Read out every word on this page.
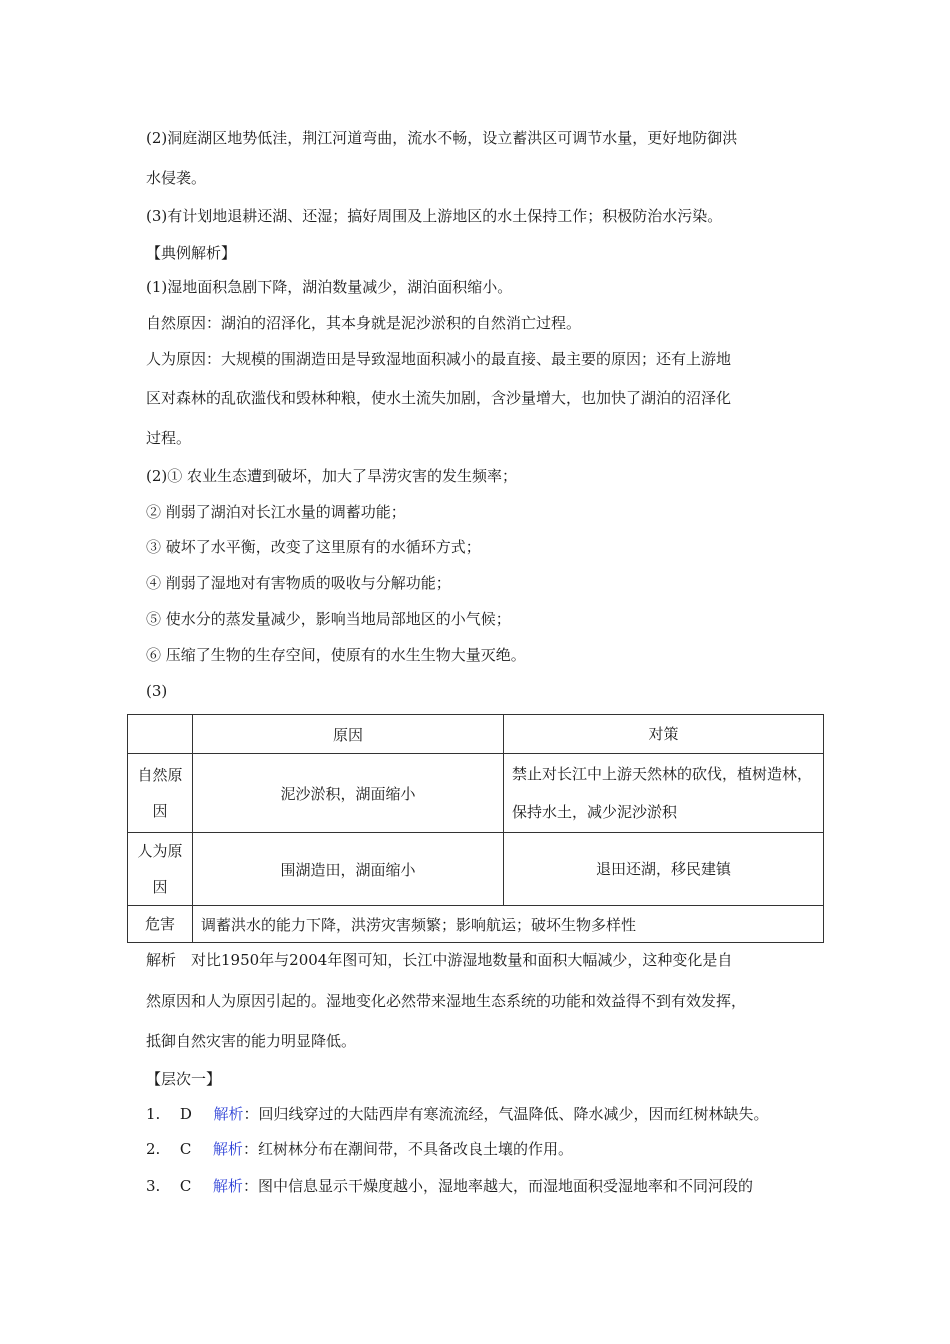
(2)洞庭湖区地势低洼，荆江河道弯曲，流水不畅，设立蓄洪区可调节水量，更好地防御洪
水侵袭。
(3)有计划地退耕还湖、还湿；搞好周围及上游地区的水土保持工作；积极防治水污染。
【典例解析】
(1)湿地面积急剧下降，湖泊数量减少，湖泊面积缩小。
自然原因：湖泊的沼泽化，其本身就是泥沙淤积的自然消亡过程。
人为原因：大规模的围湖造田是导致湿地面积减小的最直接、最主要的原因；还有上游地
区对森林的乱砍滥伐和毁林种粮，使水土流失加剧，含沙量增大，也加快了湖泊的沼泽化
过程。
(2)① 农业生态遭到破坏，加大了旱涝灾害的发生频率；
② 削弱了湖泊对长江水量的调蓄功能；
③ 破坏了水平衡，改变了这里原有的水循环方式；
④ 削弱了湿地对有害物质的吸收与分解功能；
⑤ 使水分的蒸发量减少，影响当地局部地区的小气候；
⑥ 压缩了生物的生存空间，使原有的水生生物大量灭绝。
(3)
	原因	对策
自然原因	泥沙淤积，湖面缩小	禁止对长江中上游天然林的砍伐，植树造林，保持水土，减少泥沙淤积
人为原因	围湖造田，湖面缩小	退田还湖，移民建镇
危害	调蓄洪水的能力下降，洪涝灾害频繁；影响航运；破坏生物多样性	
解析　对比1950年与2004年图可知，长江中游湿地数量和面积大幅减少，这种变化是自
然原因和人为原因引起的。湿地变化必然带来湿地生态系统的功能和效益得不到有效发挥，
抵御自然灾害的能力明显降低。
【层次一】
1. D 解析：回归线穿过的大陆西岸有寒流流经，气温降低、降水减少，因而红树林缺失。
2. C 解析：红树林分布在潮间带，不具备改良土壤的作用。
3. C 解析：图中信息显示干燥度越小，湿地率越大，而湿地面积受湿地率和不同河段的
